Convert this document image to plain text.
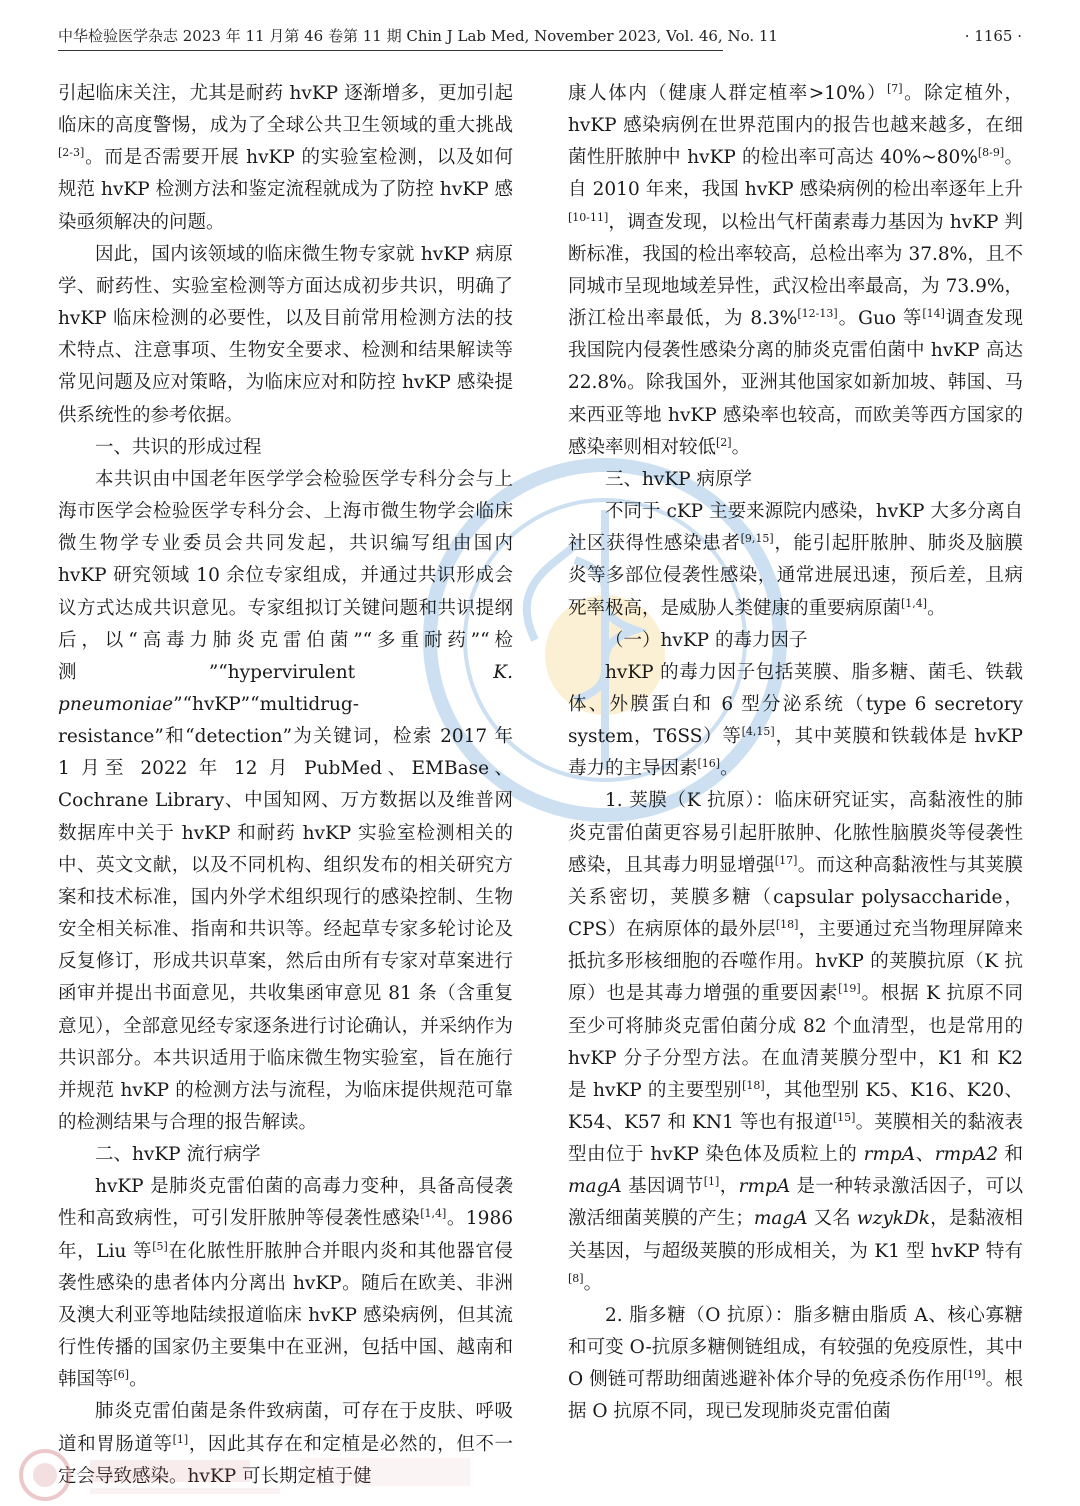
中华检验医学杂志 2023 年 11 月第 46 卷第 11 期 Chin J Lab Med, November 2023, Vol. 46, No. 11	· 1165 ·

引起临床关注，尤其是耐药 hvKP 逐渐增多，更加引起临床的高度警惕，成为了全球公共卫生领域的重大挑战[2-3]。而是否需要开展 hvKP 的实验室检测，以及如何规范 hvKP 检测方法和鉴定流程就成为了防控 hvKP 感染亟须解决的问题。

因此，国内该领域的临床微生物专家就 hvKP 病原学、耐药性、实验室检测等方面达成初步共识，明确了 hvKP 临床检测的必要性，以及目前常用检测方法的技术特点、注意事项、生物安全要求、检测和结果解读等常见问题及应对策略，为临床应对和防控 hvKP 感染提供系统性的参考依据。

一、共识的形成过程

本共识由中国老年医学学会检验医学专科分会与上海市医学会检验医学专科分会、上海市微生物学会临床微生物学专业委员会共同发起，共识编写组由国内 hvKP 研究领域 10 余位专家组成，并通过共识形成会议方式达成共识意见。专家组拟订关键问题和共识提纲后，以“高毒力肺炎克雷伯菌”“多重耐药”“检测”“hypervirulent K. pneumoniae”“hvKP”“multidrug-resistance”和“detection”为关键词，检索 2017 年 1 月至 2022 年 12 月 PubMed、EMBase、Cochrane Library、中国知网、万方数据以及维普网数据库中关于 hvKP 和耐药 hvKP 实验室检测相关的中、英文文献，以及不同机构、组织发布的相关研究方案和技术标准，国内外学术组织现行的感染控制、生物安全相关标准、指南和共识等。经起草专家多轮讨论及反复修订，形成共识草案，然后由所有专家对草案进行函审并提出书面意见，共收集函审意见 81 条（含重复意见），全部意见经专家逐条进行讨论确认，并采纳作为共识部分。本共识适用于临床微生物实验室，旨在施行并规范 hvKP 的检测方法与流程，为临床提供规范可靠的检测结果与合理的报告解读。

二、hvKP 流行病学

hvKP 是肺炎克雷伯菌的高毒力变种，具备高侵袭性和高致病性，可引发肝脓肿等侵袭性感染[1,4]。1986 年，Liu 等[5]在化脓性肝脓肿合并眼内炎和其他器官侵袭性感染的患者体内分离出 hvKP。随后在欧美、非洲及澳大利亚等地陆续报道临床 hvKP 感染病例，但其流行性传播的国家仍主要集中在亚洲，包括中国、越南和韩国等[6]。

肺炎克雷伯菌是条件致病菌，可存在于皮肤、呼吸道和胃肠道等[1]，因此其存在和定植是必然的，但不一定会导致感染。hvKP 可长期定植于健

康人体内（健康人群定植率>10%）[7]。除定植外，hvKP 感染病例在世界范围内的报告也越来越多，在细菌性肝脓肿中 hvKP 的检出率可高达 40%~80%[8-9]。自 2010 年来，我国 hvKP 感染病例的检出率逐年上升[10-11]，调查发现，以检出气杆菌素毒力基因为 hvKP 判断标准，我国的检出率较高，总检出率为 37.8%，且不同城市呈现地域差异性，武汉检出率最高，为 73.9%，浙江检出率最低，为 8.3%[12-13]。Guo 等[14]调查发现我国院内侵袭性感染分离的肺炎克雷伯菌中 hvKP 高达 22.8%。除我国外，亚洲其他国家如新加坡、韩国、马来西亚等地 hvKP 感染率也较高，而欧美等西方国家的感染率则相对较低[2]。

三、hvKP 病原学

不同于 cKP 主要来源院内感染，hvKP 大多分离自社区获得性感染患者[9,15]，能引起肝脓肿、肺炎及脑膜炎等多部位侵袭性感染，通常进展迅速，预后差，且病死率极高，是威胁人类健康的重要病原菌[1,4]。

（一）hvKP 的毒力因子

hvKP 的毒力因子包括荚膜、脂多糖、菌毛、铁载体、外膜蛋白和 6 型分泌系统（type 6 secretory system，T6SS）等[4,15]，其中荚膜和铁载体是 hvKP 毒力的主导因素[16]。

1. 荚膜（K 抗原）：临床研究证实，高黏液性的肺炎克雷伯菌更容易引起肝脓肿、化脓性脑膜炎等侵袭性感染，且其毒力明显增强[17]。而这种高黏液性与其荚膜关系密切，荚膜多糖（capsular polysaccharide，CPS）在病原体的最外层[18]，主要通过充当物理屏障来抵抗多形核细胞的吞噬作用。hvKP 的荚膜抗原（K 抗原）也是其毒力增强的重要因素[19]。根据 K 抗原不同至少可将肺炎克雷伯菌分成 82 个血清型，也是常用的 hvKP 分子分型方法。在血清荚膜分型中，K1 和 K2 是 hvKP 的主要型别[18]，其他型别 K5、K16、K20、K54、K57 和 KN1 等也有报道[15]。荚膜相关的黏液表型由位于 hvKP 染色体及质粒上的 rmpA、rmpA2 和 magA 基因调节[1]，rmpA 是一种转录激活因子，可以激活细菌荚膜的产生；magA 又名 wzykDk，是黏液相关基因，与超级荚膜的形成相关，为 K1 型 hvKP 特有[8]。

2. 脂多糖（O 抗原）：脂多糖由脂质 A、核心寡糖和可变 O-抗原多糖侧链组成，有较强的免疫原性，其中 O 侧链可帮助细菌逃避补体介导的免疫杀伤作用[19]。根据 O 抗原不同，现已发现肺炎克雷伯菌
